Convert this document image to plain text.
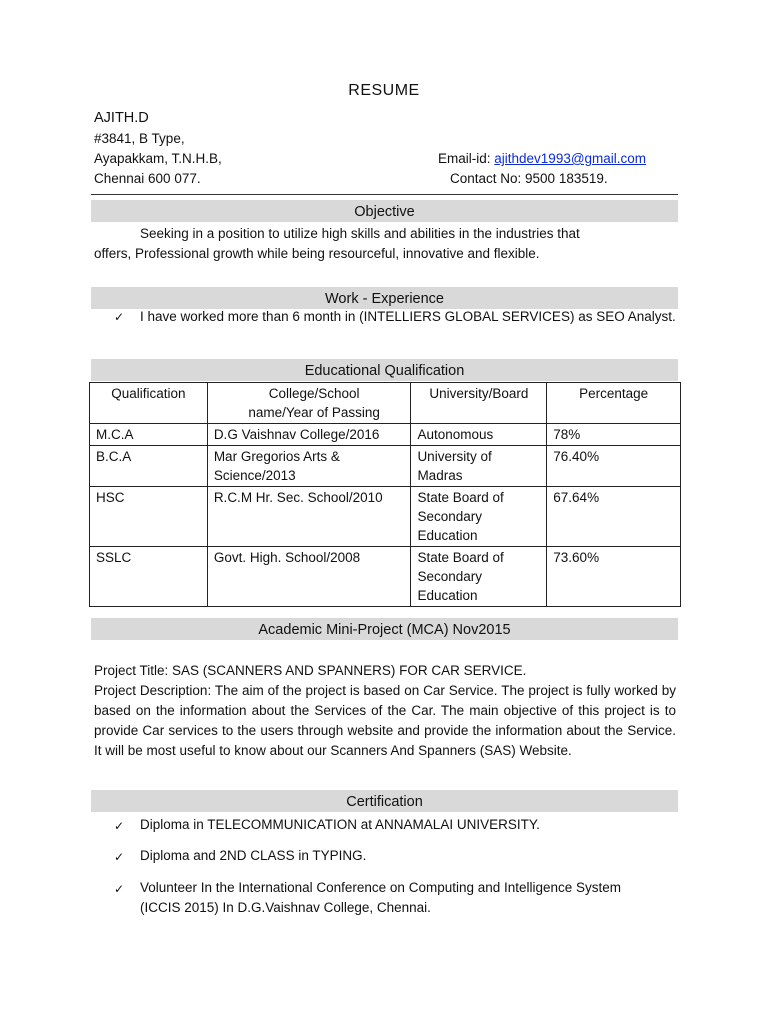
RESUME
AJITH.D
#3841, B Type,
Ayapakkam, T.N.H.B,
Chennai 600 077.
Email-id: ajithdev1993@gmail.com
Contact No: 9500 183519.
Objective
Seeking in a position to utilize high skills and abilities in the industries that
offers, Professional growth while being resourceful, innovative and flexible.
Work - Experience
✓ I have worked more than 6 month in (INTELLIERS GLOBAL SERVICES) as SEO Analyst.
Educational Qualification
Qualification	College/School name/Year of Passing	University/Board	Percentage
M.C.A	D.G Vaishnav College/2016	Autonomous	78%
B.C.A	Mar Gregorios Arts & Science/2013	University of Madras	76.40%
HSC	R.C.M Hr. Sec. School/2010	State Board of Secondary Education	67.64%
SSLC	Govt. High. School/2008	State Board of Secondary Education	73.60%
Academic Mini-Project (MCA) Nov2015
Project Title: SAS (SCANNERS AND SPANNERS) FOR CAR SERVICE.
Project Description: The aim of the project is based on Car Service. The project is fully worked by based on the information about the Services of the Car. The main objective of this project is to provide Car services to the users through website and provide the information about the Service. It will be most useful to know about our Scanners And Spanners (SAS) Website.
Certification
✓ Diploma in TELECOMMUNICATION at ANNAMALAI UNIVERSITY.
✓ Diploma and 2ND CLASS in TYPING.
✓ Volunteer In the International Conference on Computing and Intelligence System (ICCIS 2015) In D.G.Vaishnav College, Chennai.
